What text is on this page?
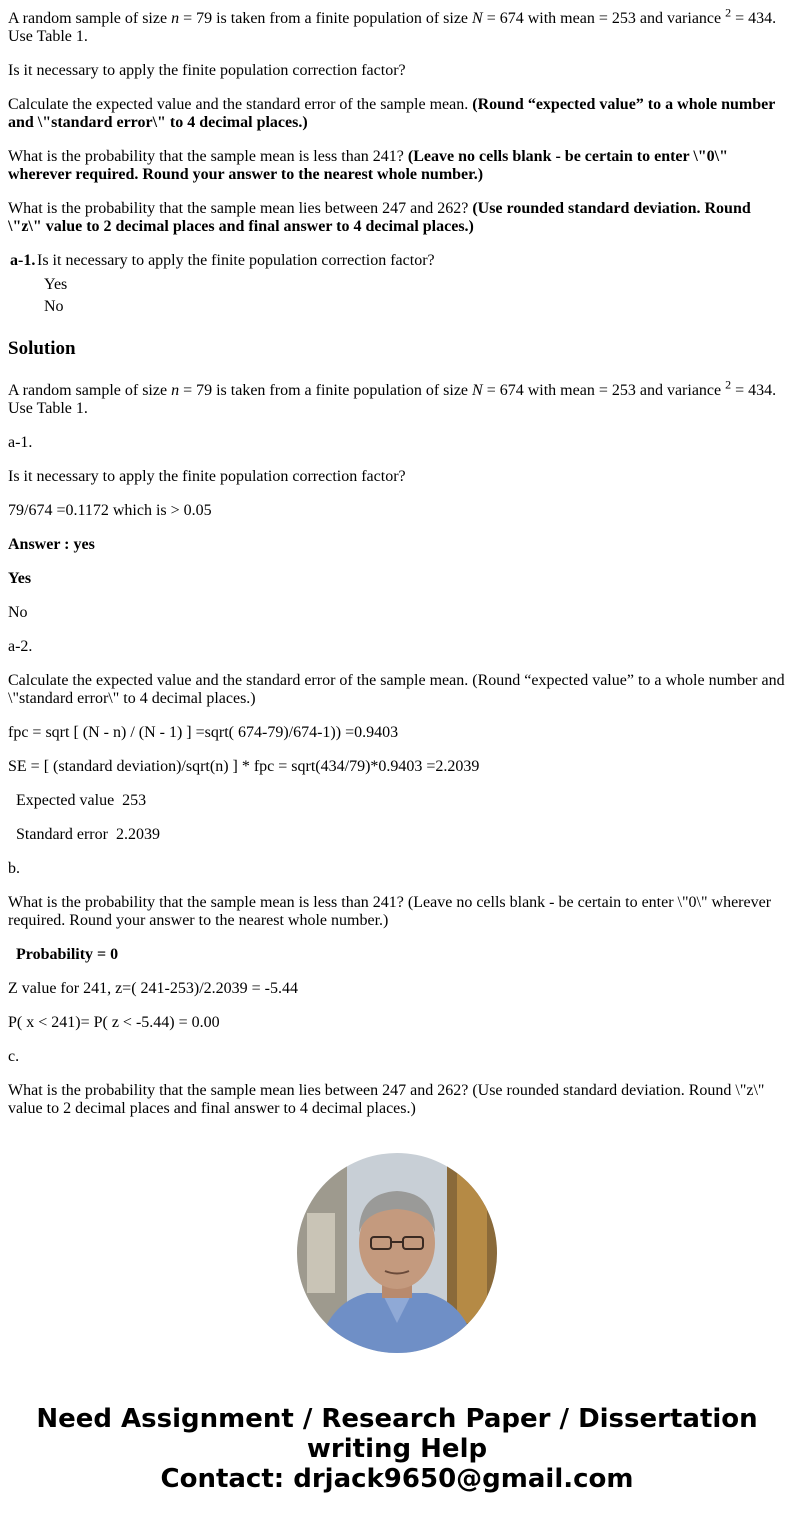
A random sample of size n = 79 is taken from a finite population of size N = 674 with mean = 253 and variance $^2$ = 434. Use Table 1.

Is it necessary to apply the finite population correction factor?

Calculate the expected value and the standard error of the sample mean. (Round “expected value” to a whole number and \"standard error\" to 4 decimal places.)

What is the probability that the sample mean is less than 241? (Leave no cells blank - be certain to enter \"0\" wherever required. Round your answer to the nearest whole number.)

What is the probability that the sample mean lies between 247 and 262? (Use rounded standard deviation. Round \"z\" value to 2 decimal places and final answer to 4 decimal places.)

a-1. Is it necessary to apply the finite population correction factor?
Yes
No
Solution

A random sample of size n = 79 is taken from a finite population of size N = 674 with mean = 253 and variance $^2$ = 434. Use Table 1.

a-1.

Is it necessary to apply the finite population correction factor?

79/674 =0.1172 which is > 0.05

Answer : yes

Yes

No

a-2.

Calculate the expected value and the standard error of the sample mean. (Round “expected value” to a whole number and \"standard error\" to 4 decimal places.)

fpc = sqrt [ (N - n) / (N - 1) ] =sqrt( 674-79)/674-1)) =0.9403

SE = [ (standard deviation)/sqrt(n) ] * fpc = sqrt(434/79)*0.9403 =2.2039

Expected value 253

Standard error 2.2039

b.

What is the probability that the sample mean is less than 241? (Leave no cells blank - be certain to enter \"0\" wherever required. Round your answer to the nearest whole number.)

Probability = 0

Z value for 241, z=( 241-253)/2.2039 = -5.44

P( x < 241)= P( z < -5.44) = 0.00

c.

What is the probability that the sample mean lies between 247 and 262? (Use rounded standard deviation. Round \"z\" value to 2 decimal places and final answer to 4 decimal places.)

Need Assignment / Research Paper / Dissertation
writing Help
Contact: drjack9650@gmail.com
